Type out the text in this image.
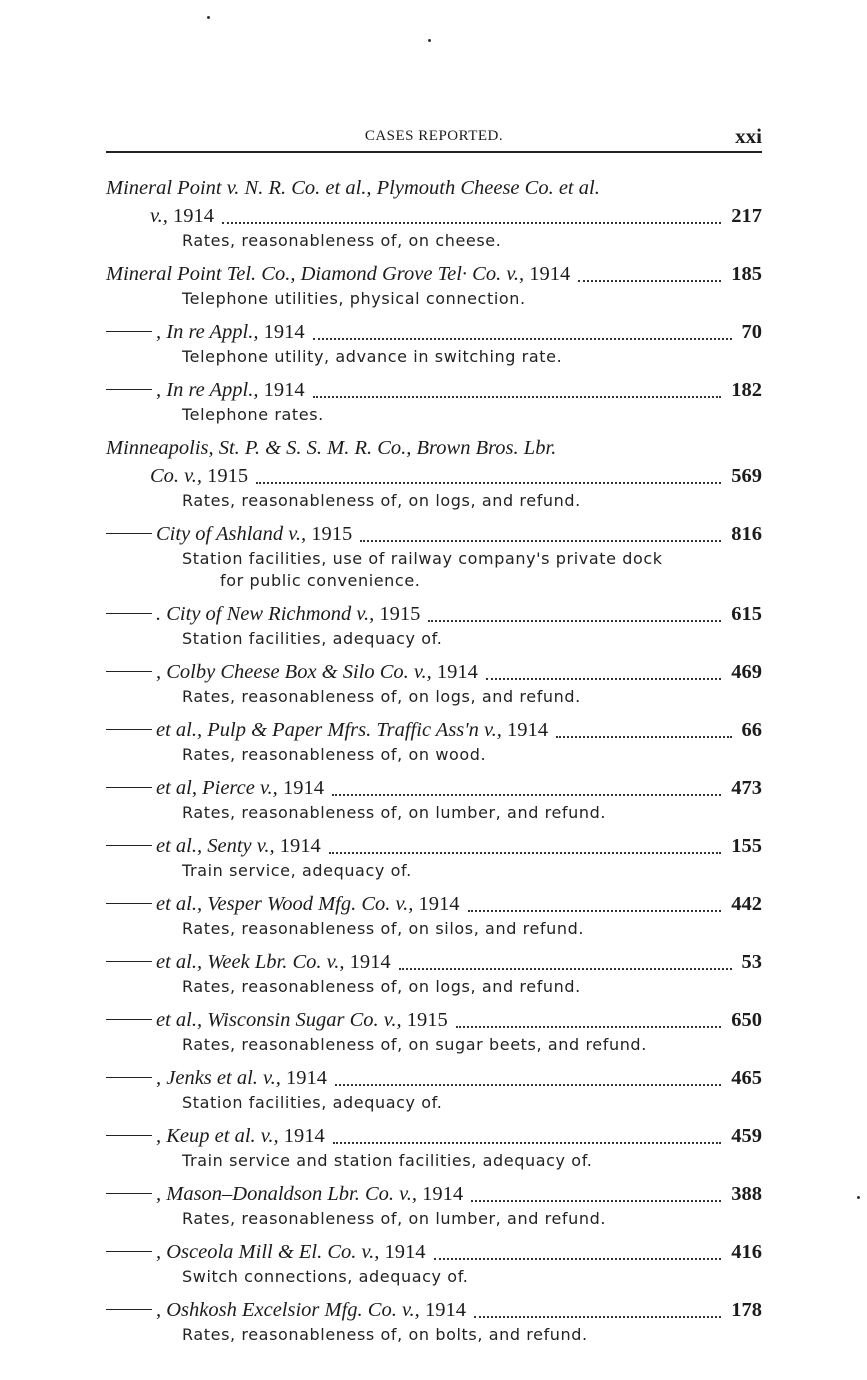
CASES REPORTED.	xxi
Mineral Point v. N. R. Co. et al., Plymouth Cheese Co. et al.
v., 1914	217
Rates, reasonableness of, on cheese.
Mineral Point Tel. Co., Diamond Grove Tel· Co. v., 1914	185
Telephone utilities, physical connection.
, In re Appl., 1914	70
Telephone utility, advance in switching rate.
, In re Appl., 1914	182
Telephone rates.
Minneapolis, St. P. & S. S. M. R. Co., Brown Bros. Lbr.
Co. v., 1915	569
Rates, reasonableness of, on logs, and refund.
City of Ashland v., 1915	816
Station facilities, use of railway company's private dock
for public convenience.
. City of New Richmond v., 1915	615
Station facilities, adequacy of.
, Colby Cheese Box & Silo Co. v., 1914	469
Rates, reasonableness of, on logs, and refund.
et al., Pulp & Paper Mfrs. Traffic Ass'n v., 1914	66
Rates, reasonableness of, on wood.
et al, Pierce v., 1914	473
Rates, reasonableness of, on lumber, and refund.
et al., Senty v., 1914	155
Train service, adequacy of.
et al., Vesper Wood Mfg. Co. v., 1914	442
Rates, reasonableness of, on silos, and refund.
et al., Week Lbr. Co. v., 1914	53
Rates, reasonableness of, on logs, and refund.
et al., Wisconsin Sugar Co. v., 1915	650
Rates, reasonableness of, on sugar beets, and refund.
, Jenks et al. v., 1914	465
Station facilities, adequacy of.
, Keup et al. v., 1914	459
Train service and station facilities, adequacy of.
, Mason–Donaldson Lbr. Co. v., 1914	388
Rates, reasonableness of, on lumber, and refund.
, Osceola Mill & El. Co. v., 1914	416
Switch connections, adequacy of.
, Oshkosh Excelsior Mfg. Co. v., 1914	178
Rates, reasonableness of, on bolts, and refund.
